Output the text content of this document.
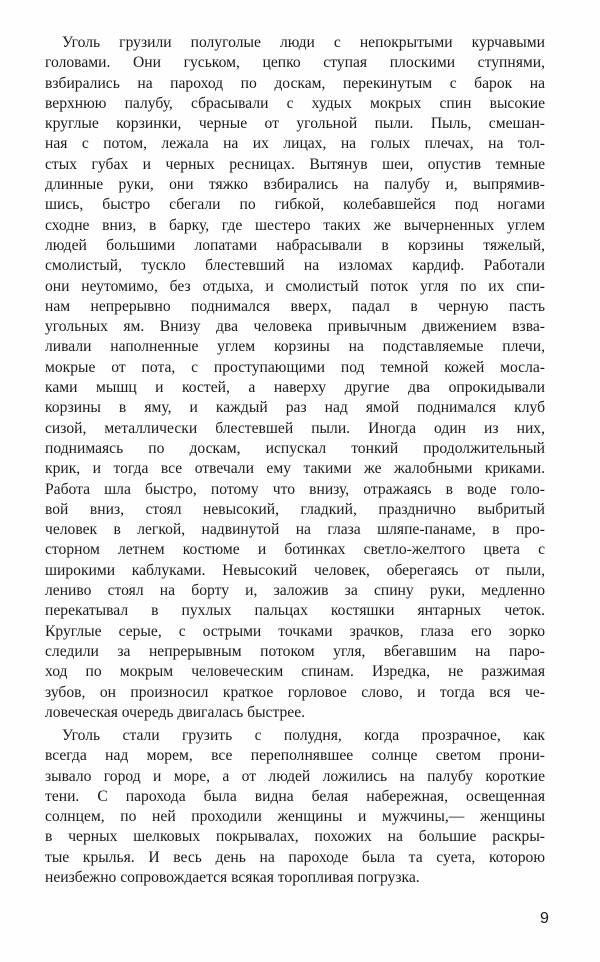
Уголь грузили полуголые люди с непокрытыми курчавыми
головами. Они гуськом, цепко ступая плоскими ступнями,
взбирались на пароход по доскам, перекинутым с барок на
верхнюю палубу, сбрасывали с худых мокрых спин высокие
круглые корзинки, черные от угольной пыли. Пыль, смешан-
ная с потом, лежала на их лицах, на голых плечах, на тол-
стых губах и черных ресницах. Вытянув шеи, опустив темные
длинные руки, они тяжко взбирались на палубу и, выпрямив-
шись, быстро сбегали по гибкой, колебавшейся под ногами
сходне вниз, в барку, где шестеро таких же вычерненных углем
людей большими лопатами набрасывали в корзины тяжелый,
смолистый, тускло блестевший на изломах кардиф. Работали
они неутомимо, без отдыха, и смолистый поток угля по их спи-
нам непрерывно поднимался вверх, падал в черную пасть
угольных ям. Внизу два человека привычным движением взва-
ливали наполненные углем корзины на подставляемые плечи,
мокрые от пота, с проступающими под темной кожей мосла-
ками мышц и костей, а наверху другие два опрокидывали
корзины в яму, и каждый раз над ямой поднимался клуб
сизой, металлически блестевшей пыли. Иногда один из них,
поднимаясь по доскам, испускал тонкий продолжительный
крик, и тогда все отвечали ему такими же жалобными криками.
Работа шла быстро, потому что внизу, отражаясь в воде голо-
вой вниз, стоял невысокий, гладкий, празднично выбритый
человек в легкой, надвинутой на глаза шляпе-панаме, в про-
сторном летнем костюме и ботинках светло-желтого цвета с
широкими каблуками. Невысокий человек, оберегаясь от пыли,
лениво стоял на борту и, заложив за спину руки, медленно
перекатывал в пухлых пальцах костяшки янтарных четок.
Круглые серые, с острыми точками зрачков, глаза его зорко
следили за непрерывным потоком угля, вбегавшим на паро-
ход по мокрым человеческим спинам. Изредка, не разжимая
зубов, он произносил краткое горловое слово, и тогда вся че-
ловеческая очередь двигалась быстрее.
Уголь стали грузить с полудня, когда прозрачное, как
всегда над морем, все переполнявшее солнце светом прони-
зывало город и море, а от людей ложились на палубу короткие
тени. С парохода была видна белая набережная, освещенная
солнцем, по ней проходили женщины и мужчины,— женщины
в черных шелковых покрывалах, похожих на большие раскры-
тые крылья. И весь день на пароходе была та суета, которою
неизбежно сопровождается всякая торопливая погрузка.
9
